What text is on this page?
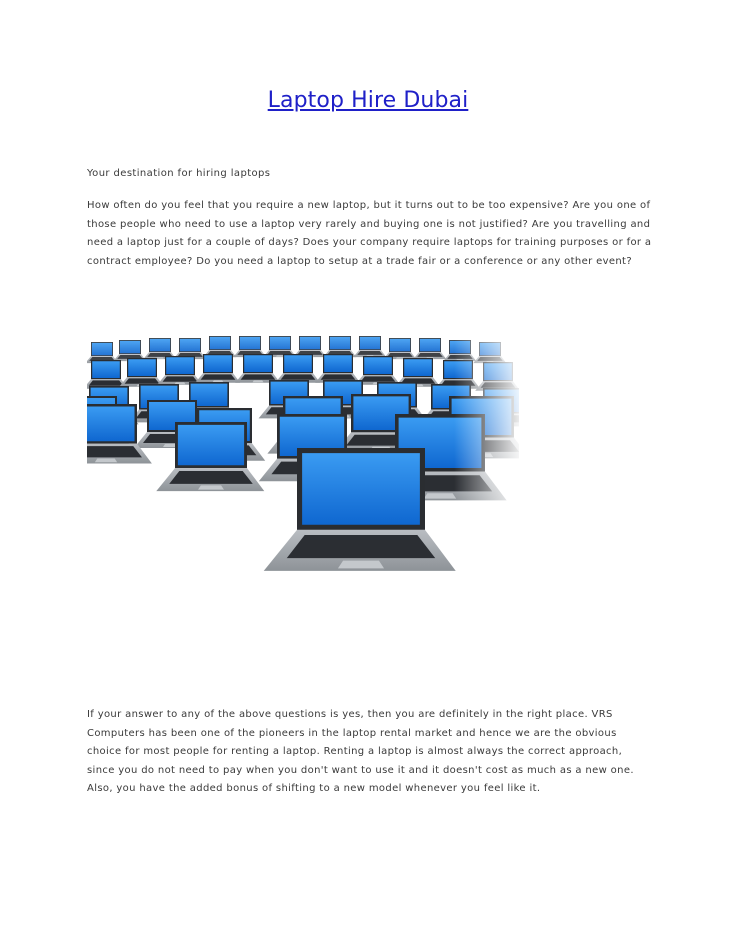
Laptop Hire Dubai
Your destination for hiring laptops
How often do you feel that you require a new laptop, but it turns out to be too expensive? Are you one of those people who need to use a laptop very rarely and buying one is not justified? Are you travelling and need a laptop just for a couple of days? Does your company require laptops for training purposes or for a contract employee? Do you need a laptop to setup at a trade fair or a conference or any other event?
If your answer to any of the above questions is yes, then you are definitely in the right place. VRS Computers has been one of the pioneers in the laptop rental market and hence we are the obvious choice for most people for renting a laptop. Renting a laptop is almost always the correct approach, since you do not need to pay when you don't want to use it and it doesn't cost as much as a new one. Also, you have the added bonus of shifting to a new model whenever you feel like it.
